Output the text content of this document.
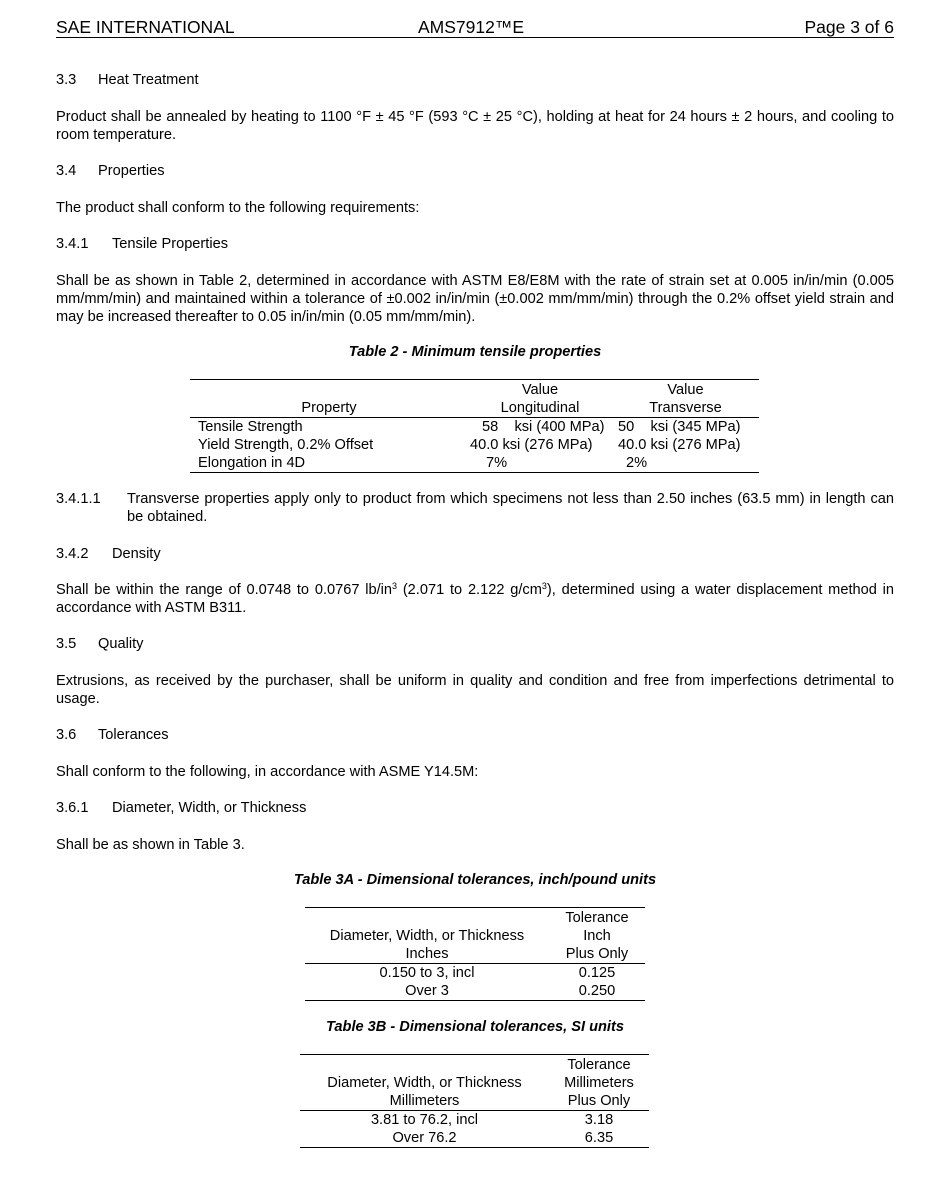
SAE INTERNATIONAL	AMS7912™E	Page 3 of 6
3.3 Heat Treatment
Product shall be annealed by heating to 1100 °F ± 45 °F (593 °C ± 25 °C), holding at heat for 24 hours ± 2 hours, and cooling to room temperature.
3.4 Properties
The product shall conform to the following requirements:
3.4.1 Tensile Properties
Shall be as shown in Table 2, determined in accordance with ASTM E8/E8M with the rate of strain set at 0.005 in/in/min (0.005 mm/mm/min) and maintained within a tolerance of ±0.002 in/in/min (±0.002 mm/mm/min) through the 0.2% offset yield strain and may be increased thereafter to 0.05 in/in/min (0.05 mm/mm/min).
Table 2 - Minimum tensile properties
	Value	Value
Property	Longitudinal	Transverse
Tensile Strength	58    ksi (400 MPa)	50    ksi (345 MPa)
Yield Strength, 0.2% Offset	40.0 ksi (276 MPa)	40.0 ksi (276 MPa)
Elongation in 4D	7%	2%
3.4.1.1 Transverse properties apply only to product from which specimens not less than 2.50 inches (63.5 mm) in length can be obtained.
3.4.2 Density
Shall be within the range of 0.0748 to 0.0767 $lb/in^3$ (2.071 to 2.122 $g/cm^3$), determined using a water displacement method in accordance with ASTM B311.
3.5 Quality
Extrusions, as received by the purchaser, shall be uniform in quality and condition and free from imperfections detrimental to usage.
3.6 Tolerances
Shall conform to the following, in accordance with ASME Y14.5M:
3.6.1 Diameter, Width, or Thickness
Shall be as shown in Table 3.
Table 3A - Dimensional tolerances, inch/pound units
	Tolerance
Diameter, Width, or Thickness	Inch
Inches	Plus Only
0.150 to 3, incl	0.125
Over 3	0.250
Table 3B - Dimensional tolerances, SI units
	Tolerance
Diameter, Width, or Thickness	Millimeters
Millimeters	Plus Only
3.81 to 76.2, incl	3.18
Over 76.2	6.35
